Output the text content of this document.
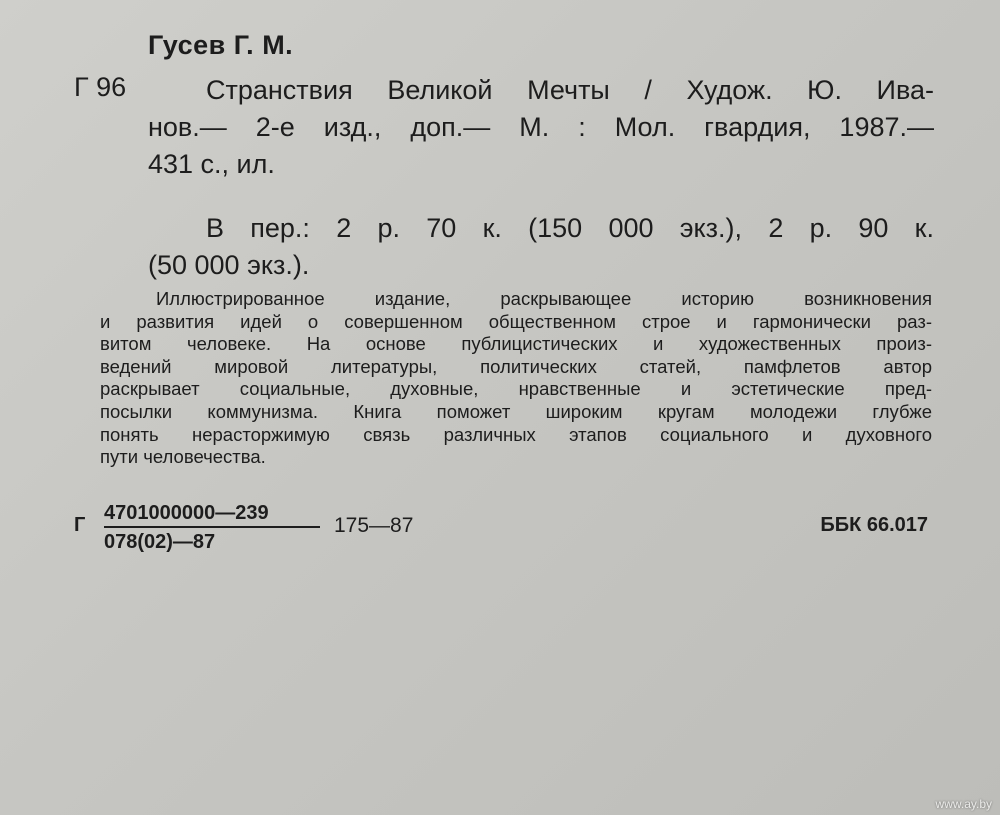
Гусев Г. М.
Г 96	Странствия Великой Мечты / Худож. Ю. Ива-
нов.— 2-е изд., доп.— М. : Мол. гвардия, 1987.—
431 с., ил.
В пер.: 2 р. 70 к. (150 000 экз.), 2 р. 90 к.
(50 000 экз.).
Иллюстрированное издание, раскрывающее историю возникновения
и развития идей о совершенном общественном строе и гармонически раз-
витом человеке. На основе публицистических и художественных произ-
ведений мировой литературы, политических статей, памфлетов автор
раскрывает социальные, духовные, нравственные и эстетические пред-
посылки коммунизма. Книга поможет широким кругам молодежи глубже
понять нерасторжимую связь различных этапов социального и духовного
пути человечества.
Г $\frac{4701000000—239}{078(02)—87}$ 175—87	ББК 66.017
www.ay.by
